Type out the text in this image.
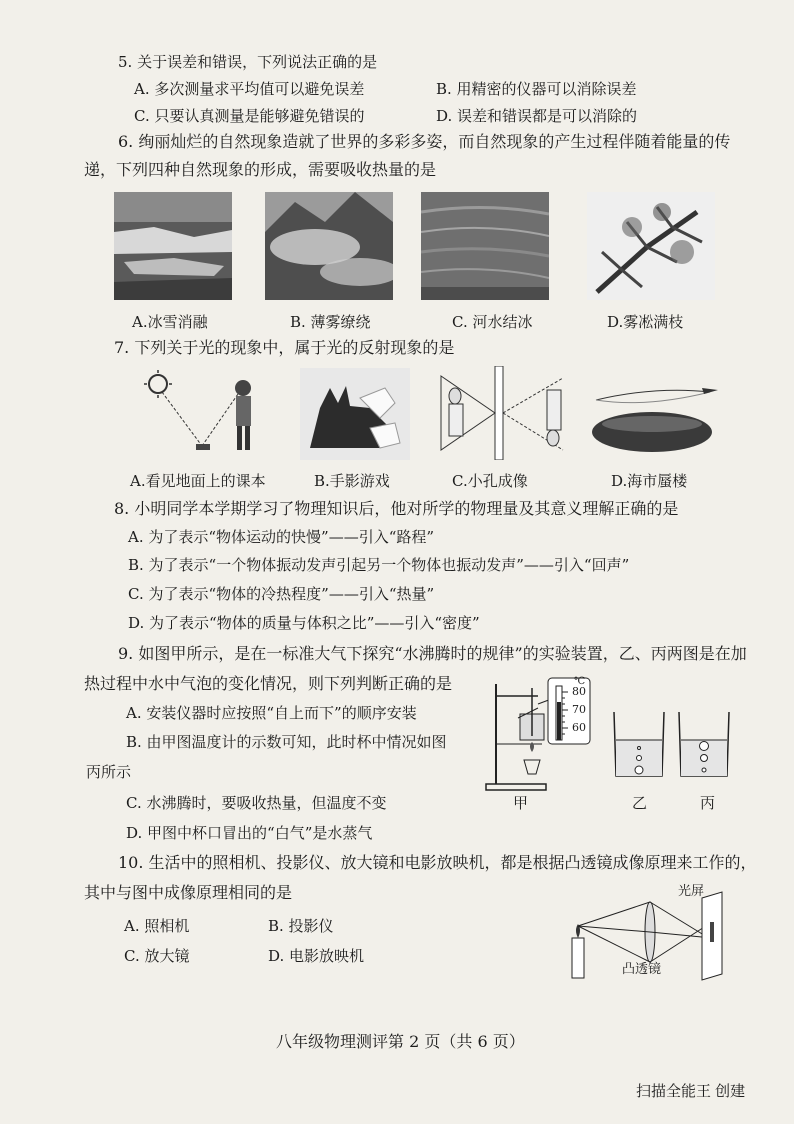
5. 关于误差和错误，下列说法正确的是
A. 多次测量求平均值可以避免误差	B. 用精密的仪器可以消除误差
C. 只要认真测量是能够避免错误的	D. 误差和错误都是可以消除的
6. 绚丽灿烂的自然现象造就了世界的多彩多姿，而自然现象的产生过程伴随着能量的传
递，下列四种自然现象的形成，需要吸收热量的是
A.冰雪消融	B. 薄雾缭绕	C. 河水结冰	D.雾凇满枝
7. 下列关于光的现象中，属于光的反射现象的是
A.看见地面上的课本	B.手影游戏	C.小孔成像	D.海市蜃楼
8. 小明同学本学期学习了物理知识后，他对所学的物理量及其意义理解正确的是
A. 为了表示“物体运动的快慢”——引入“路程”
B. 为了表示“一个物体振动发声引起另一个物体也振动发声”——引入“回声”
C. 为了表示“物体的冷热程度”——引入“热量”
D. 为了表示“物体的质量与体积之比”——引入“密度”
9. 如图甲所示，是在一标准大气下探究“水沸腾时的规律”的实验装置，乙、丙两图是在加
热过程中水中气泡的变化情况，则下列判断正确的是
A. 安装仪器时应按照“自上而下”的顺序安装
B. 由甲图温度计的示数可知，此时杯中情况如图
丙所示
C. 水沸腾时，要吸收热量，但温度不变
D. 甲图中杯口冒出的“白气”是水蒸气
℃
80
70
60
甲	乙	丙
10. 生活中的照相机、投影仪、放大镜和电影放映机，都是根据凸透镜成像原理来工作的，
其中与图中成像原理相同的是
A. 照相机	B. 投影仪
C. 放大镜	D. 电影放映机
光屏
凸透镜
八年级物理测评第 2 页（共 6 页）
扫描全能王 创建
